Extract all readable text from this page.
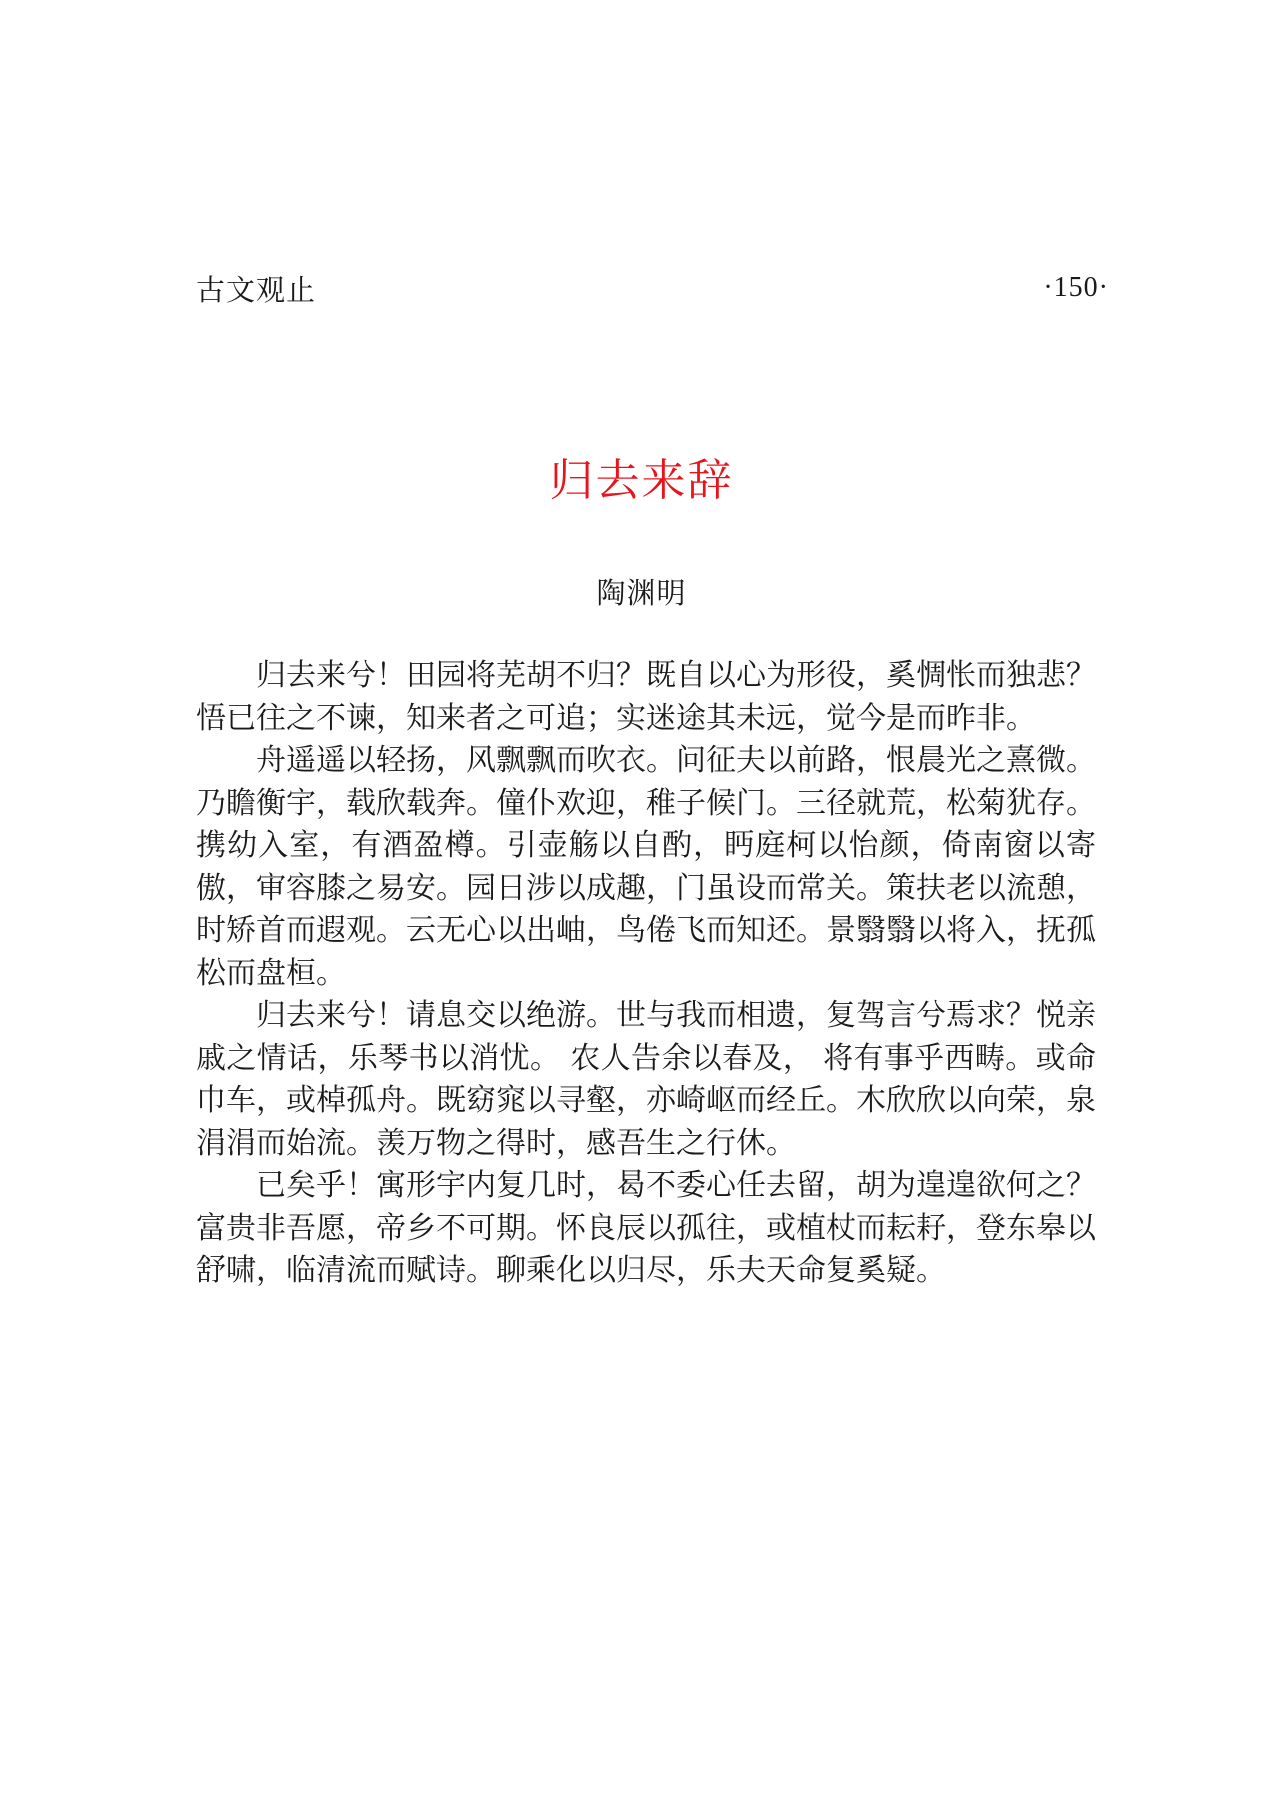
古文观止	·150·
归去来辞
陶渊明

归去来兮！田园将芜胡不归？既自以心为形役，奚惆怅而独悲？悟已往之不谏，知来者之可追；实迷途其未远，觉今是而昨非。

舟遥遥以轻扬，风飘飘而吹衣。问征夫以前路，恨晨光之熹微。乃瞻衡宇，载欣载奔。僮仆欢迎，稚子候门。三径就荒，松菊犹存。携幼入室，有酒盈樽。引壶觞以自酌，眄庭柯以怡颜，倚南窗以寄傲，审容膝之易安。园日涉以成趣，门虽设而常关。策扶老以流憩，时矫首而遐观。云无心以出岫，鸟倦飞而知还。景翳翳以将入，抚孤松而盘桓。

归去来兮！请息交以绝游。世与我而相遗，复驾言兮焉求？悦亲戚之情话，乐琴书以消忧。 农人告余以春及， 将有事乎西畴。或命巾车，或棹孤舟。既窈窕以寻壑，亦崎岖而经丘。木欣欣以向荣，泉涓涓而始流。羡万物之得时，感吾生之行休。

已矣乎！寓形宇内复几时，曷不委心任去留，胡为遑遑欲何之？富贵非吾愿，帝乡不可期。怀良辰以孤往，或植杖而耘耔，登东皋以舒啸，临清流而赋诗。聊乘化以归尽，乐夫天命复奚疑。
